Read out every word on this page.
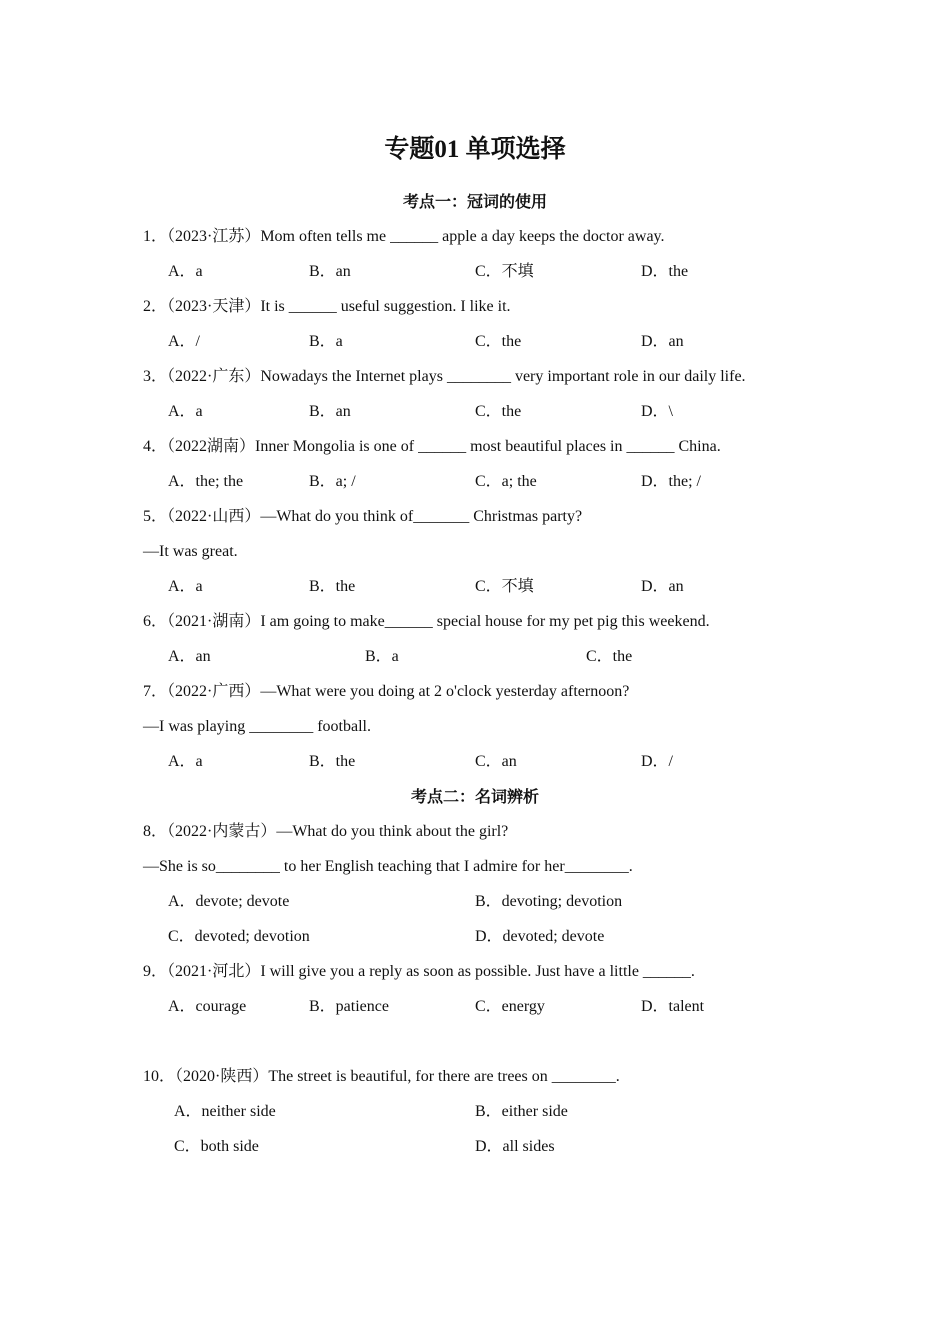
专题01 单项选择
考点一：冠词的使用
1．（2023·江苏）Mom often tells me ______ apple a day keeps the doctor away.
A．a	B．an	C．不填	D．the
2．（2023·天津）It is ______ useful suggestion. I like it.
A．/	B．a	C．the	D．an
3．（2022·广东）Nowadays the Internet plays ________ very important role in our daily life.
A．a	B．an	C．the	D．\
4．（2022湖南）Inner Mongolia is one of ______ most beautiful places in ______ China.
A．the; the	B．a; /	C．a; the	D．the; /
5．（2022·山西）—What do you think of_______ Christmas party?
—It was great.
A．a	B．the	C．不填	D．an
6．（2021·湖南）I am going to make______ special house for my pet pig this weekend.
A．an	B．a	C．the
7．（2022·广西）—What were you doing at 2 o'clock yesterday afternoon?
—I was playing ________ football.
A．a	B．the	C．an	D．/
考点二：名词辨析
8．（2022·内蒙古）—What do you think about the girl?
—She is so________ to her English teaching that I admire for her________.
A．devote; devote	B．devoting; devotion
C．devoted; devotion	D．devoted; devote
9．（2021·河北）I will give you a reply as soon as possible. Just have a little ______.
A．courage	B．patience	C．energy	D．talent
10．（2020·陕西）The street is beautiful, for there are trees on ________.
A．neither side	B．either side
C．both side	D．all sides
